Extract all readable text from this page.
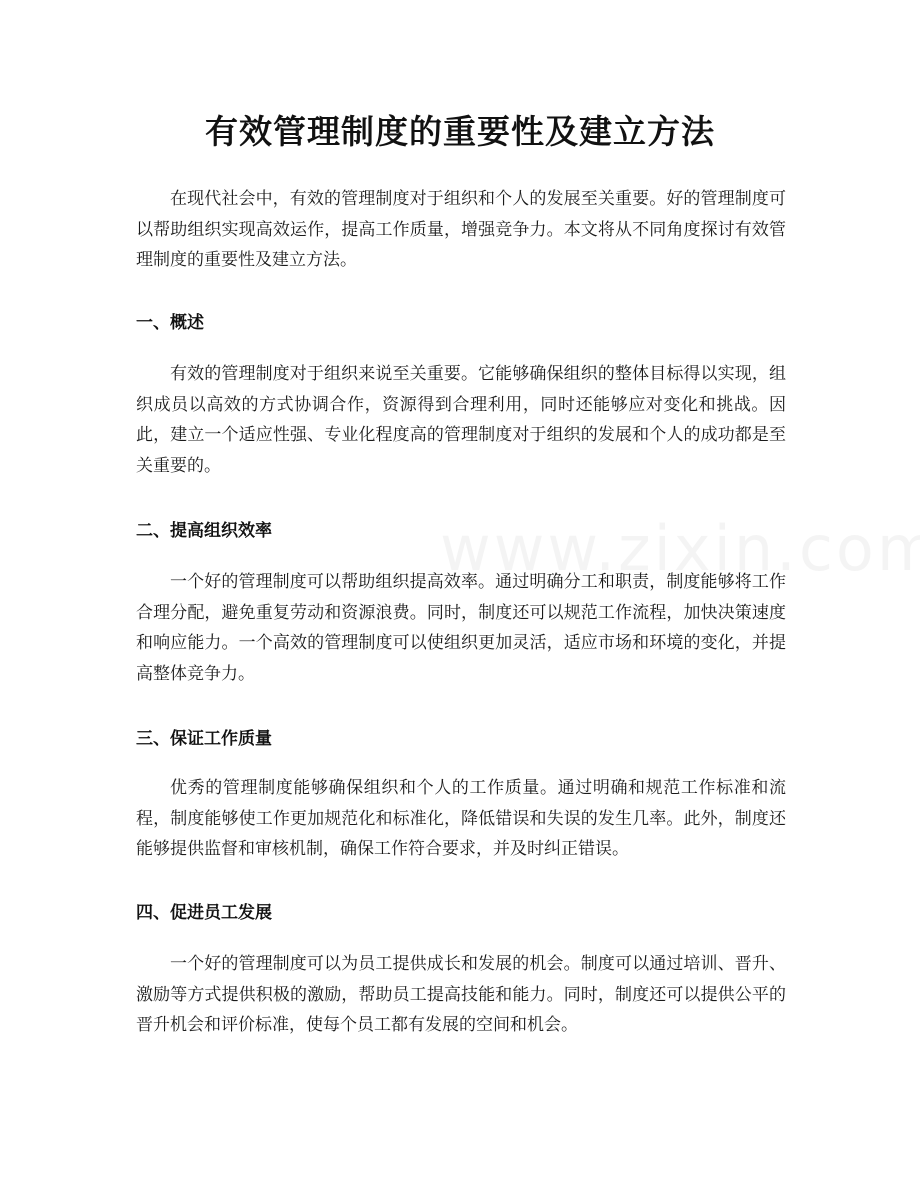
有效管理制度的重要性及建立方法

在现代社会中，有效的管理制度对于组织和个人的发展至关重要。好的管理制度可以帮助组织实现高效运作，提高工作质量，增强竞争力。本文将从不同角度探讨有效管理制度的重要性及建立方法。

一、概述

有效的管理制度对于组织来说至关重要。它能够确保组织的整体目标得以实现，组织成员以高效的方式协调合作，资源得到合理利用，同时还能够应对变化和挑战。因此，建立一个适应性强、专业化程度高的管理制度对于组织的发展和个人的成功都是至关重要的。

二、提高组织效率

一个好的管理制度可以帮助组织提高效率。通过明确分工和职责，制度能够将工作合理分配，避免重复劳动和资源浪费。同时，制度还可以规范工作流程，加快决策速度和响应能力。一个高效的管理制度可以使组织更加灵活，适应市场和环境的变化，并提高整体竞争力。

三、保证工作质量

优秀的管理制度能够确保组织和个人的工作质量。通过明确和规范工作标准和流程，制度能够使工作更加规范化和标准化，降低错误和失误的发生几率。此外，制度还能够提供监督和审核机制，确保工作符合要求，并及时纠正错误。

四、促进员工发展

一个好的管理制度可以为员工提供成长和发展的机会。制度可以通过培训、晋升、激励等方式提供积极的激励，帮助员工提高技能和能力。同时，制度还可以提供公平的晋升机会和评价标准，使每个员工都有发展的空间和机会。
